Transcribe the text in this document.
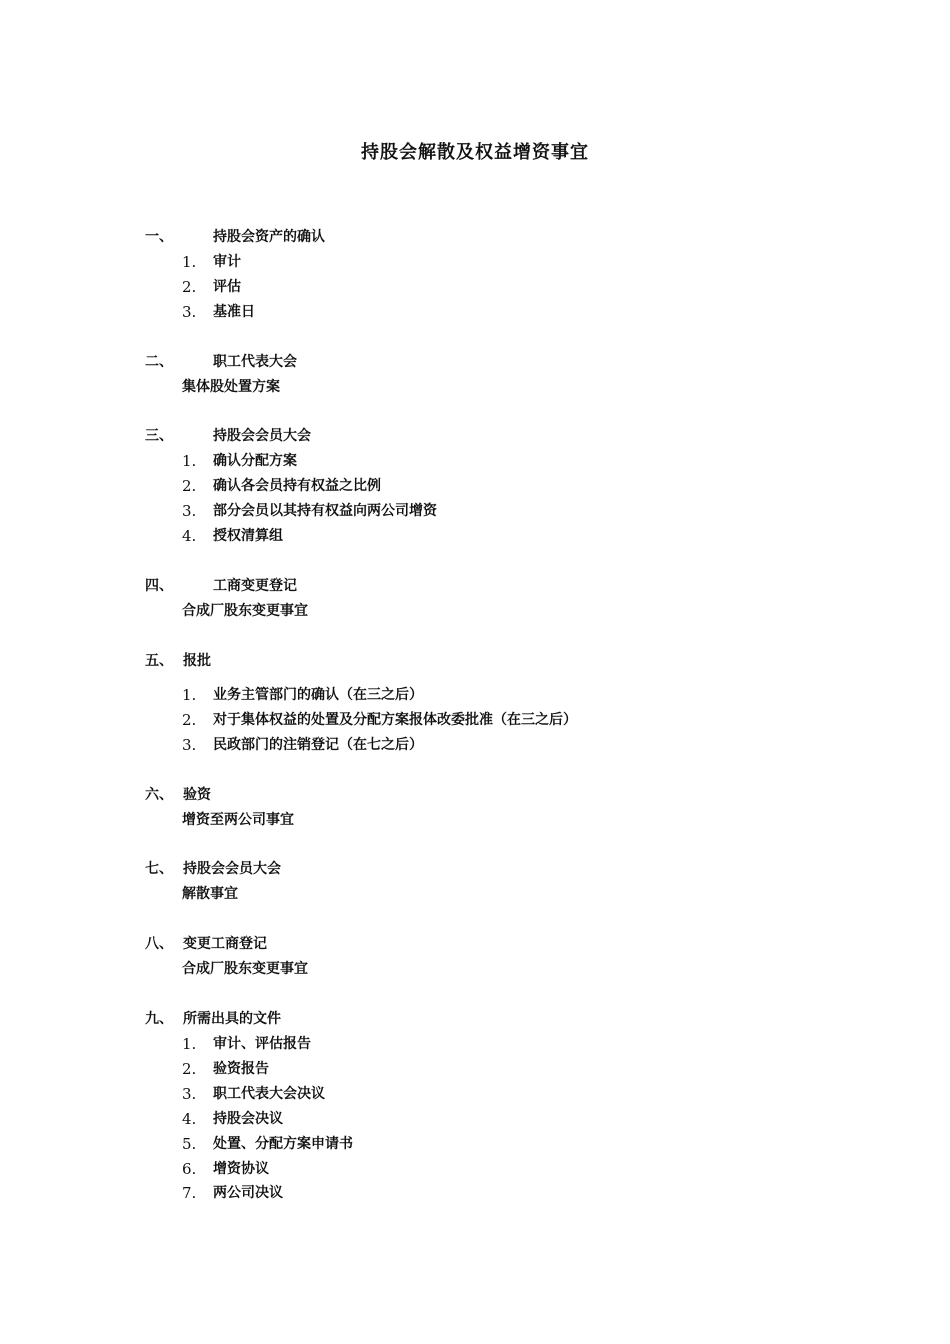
持股会解散及权益增资事宜
一、	持股会资产的确认
1. 审计
2. 评估
3. 基准日
二、	职工代表大会
集体股处置方案
三、	持股会会员大会
1. 确认分配方案
2. 确认各会员持有权益之比例
3. 部分会员以其持有权益向两公司增资
4. 授权清算组
四、	工商变更登记
合成厂股东变更事宜
五、 报批
1. 业务主管部门的确认（在三之后）
2. 对于集体权益的处置及分配方案报体改委批准（在三之后）
3. 民政部门的注销登记（在七之后）
六、 验资
增资至两公司事宜
七、 持股会会员大会
解散事宜
八、 变更工商登记
合成厂股东变更事宜
九、 所需出具的文件
1. 审计、评估报告
2. 验资报告
3. 职工代表大会决议
4. 持股会决议
5. 处置、分配方案申请书
6. 增资协议
7. 两公司决议
